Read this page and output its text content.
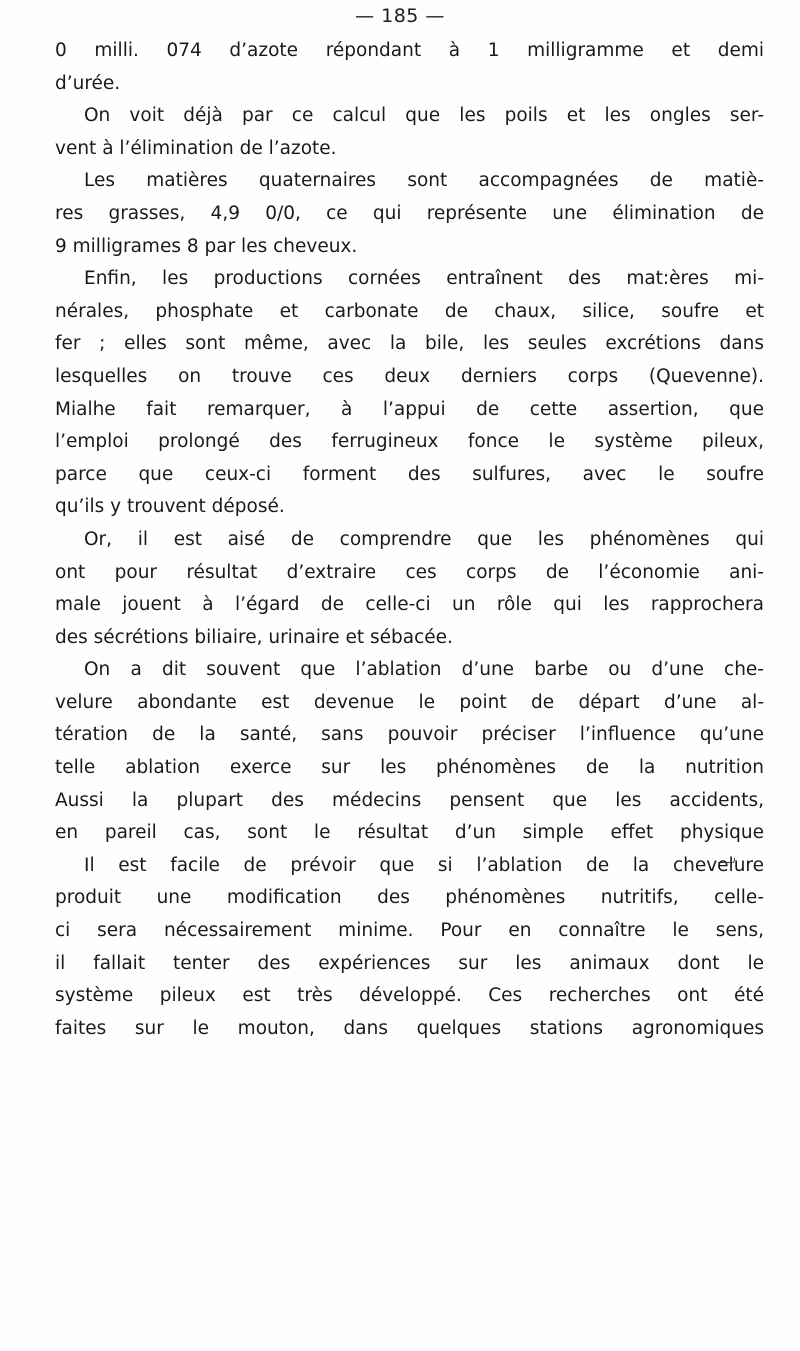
— 185 —
0 milli. 074 d’azote répondant à 1 milligramme et demi
d’urée.
On voit déjà par ce calcul que les poils et les ongles ser-
vent à l’élimination de l’azote.
Les matières quaternaires sont accompagnées de matiè-
res grasses, 4,9 0/0, ce qui représente une élimination de
9 milligrames 8 par les cheveux.
Enfin, les productions cornées entraînent des mat:ères mi-
nérales, phosphate et carbonate de chaux, silice, soufre et
fer ; elles sont même, avec la bile, les seules excrétions dans
lesquelles on trouve ces deux derniers corps (Quevenne).
Mialhe fait remarquer, à l’appui de cette assertion, que
l’emploi prolongé des ferrugineux fonce le système pileux,
parce que ceux-ci forment des sulfures, avec le soufre
qu’ils y trouvent déposé.
Or, il est aisé de comprendre que les phénomènes qui
ont pour résultat d’extraire ces corps de l’économie ani-
male jouent à l’égard de celle-ci un rôle qui les rapprochera
des sécrétions biliaire, urinaire et sébacée.
On a dit souvent que l’ablation d’une barbe ou d’une che-
velure abondante est devenue le point de départ d’une al-
tération de la santé, sans pouvoir préciser l’influence qu’une
telle ablation exerce sur les phénomènes de la nutrition
Aussi la plupart des médecins pensent que les accidents,
en pareil cas, sont le résultat d’un simple effet physique
Il est facile de prévoir que si l’ablation de la chevelure
produit une modification des phénomènes nutritifs, celle-
ci sera nécessairement minime. Pour en connaître le sens,
il fallait tenter des expériences sur les animaux dont le
système pileux est très développé. Ces recherches ont été
faites sur le mouton, dans quelques stations agronomiques
